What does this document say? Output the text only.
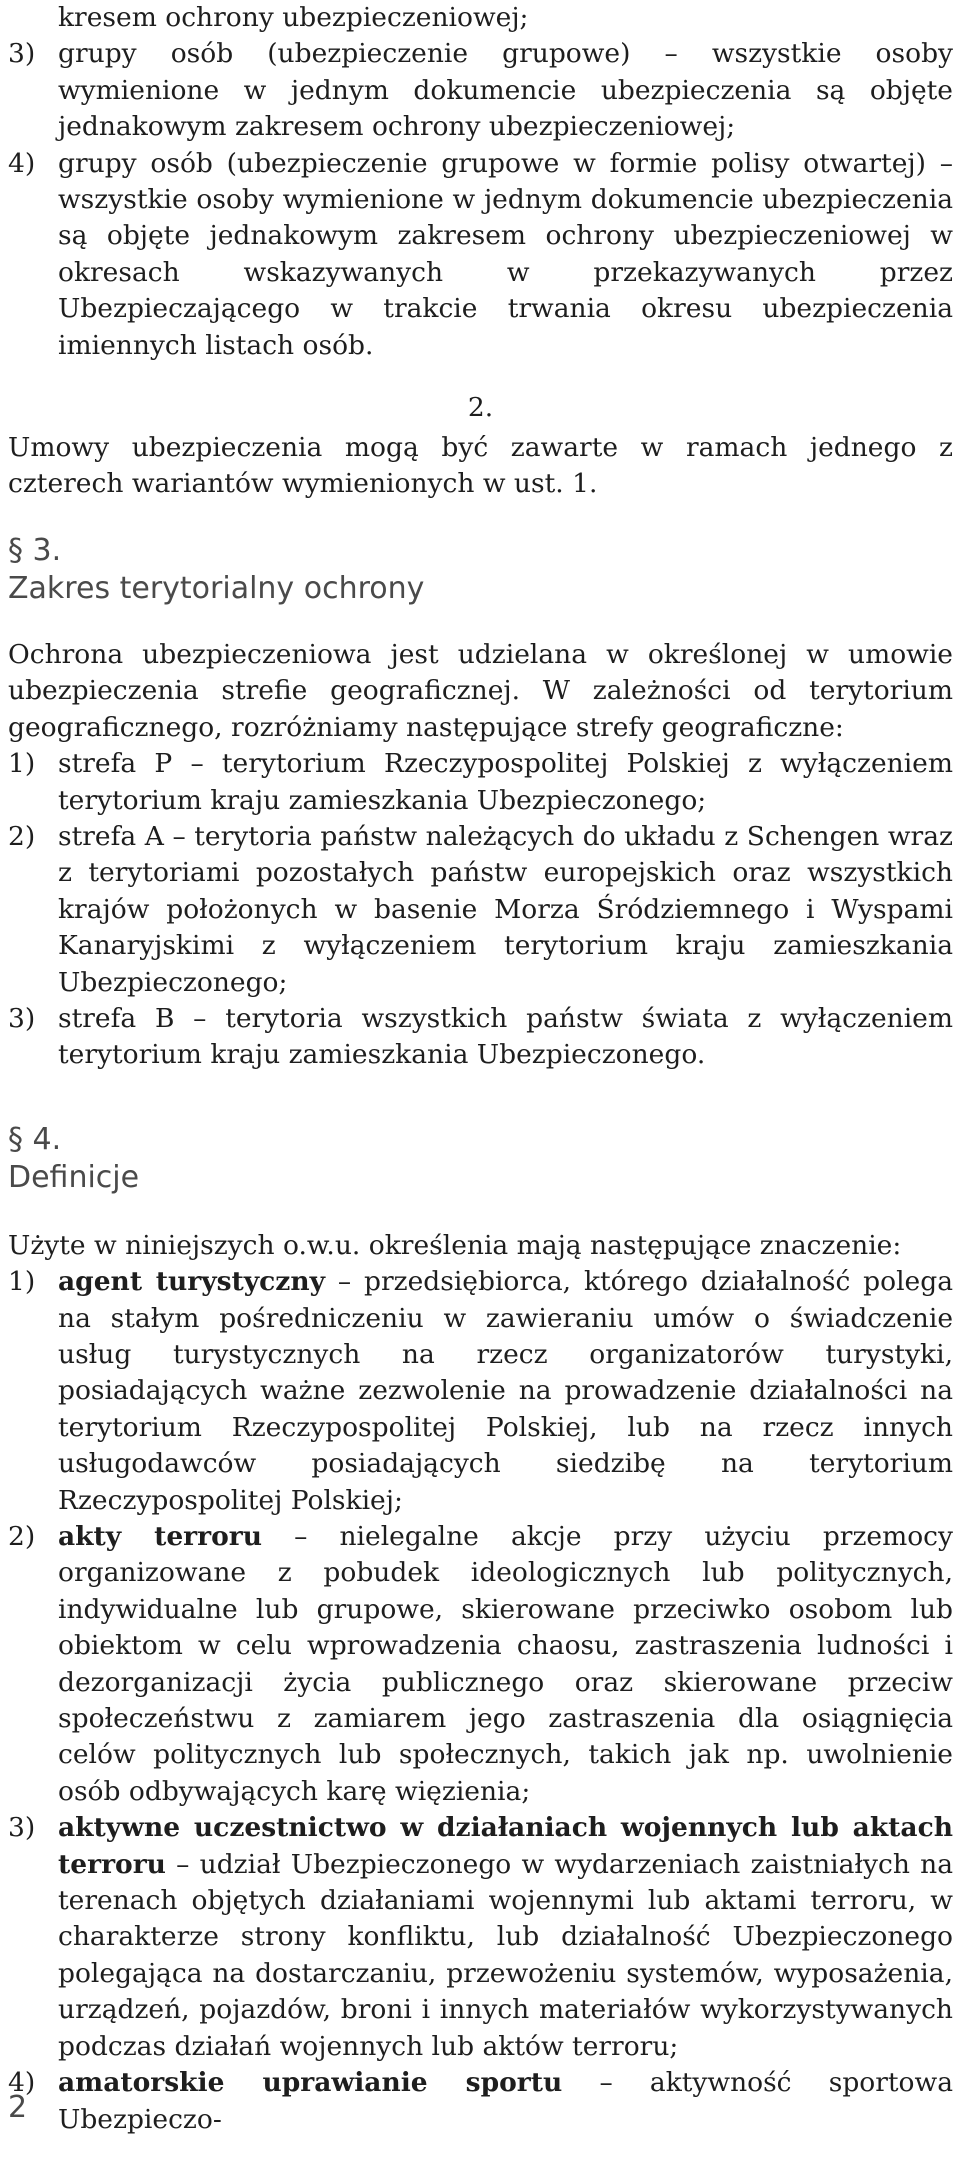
kresem ochrony ubezpieczeniowej;

3) grupy osób (ubezpieczenie grupowe) – wszystkie osoby wymienione w jednym dokumencie ubezpieczenia są objęte jednakowym zakresem ochrony ubezpieczeniowej;
4) grupy osób (ubezpieczenie grupowe w formie polisy otwartej) – wszystkie osoby wymienione w jednym dokumencie ubezpieczenia są objęte jednakowym zakresem ochrony ubezpieczeniowej w okresach wskazywanych w przekazywanych przez Ubezpieczającego w trakcie trwania okresu ubezpieczenia imiennych listach osób.
2.

Umowy ubezpieczenia mogą być zawarte w ramach jednego z czterech wariantów wymienionych w ust. 1.

§ 3.
Zakres terytorialny ochrony

Ochrona ubezpieczeniowa jest udzielana w określonej w umowie ubezpieczenia strefie geograficznej. W zależności od terytorium geograficznego, rozróżniamy następujące strefy geograficzne:

1) strefa P – terytorium Rzeczypospolitej Polskiej z wyłączeniem terytorium kraju zamieszkania Ubezpieczonego;
2) strefa A – terytoria państw należących do układu z Schengen wraz z terytoriami pozostałych państw europejskich oraz wszystkich krajów położonych w basenie Morza Śródziemnego i Wyspami Kanaryjskimi z wyłączeniem terytorium kraju zamieszkania Ubezpieczonego;
3) strefa B – terytoria wszystkich państw świata z wyłączeniem terytorium kraju zamieszkania Ubezpieczonego.
§ 4.
Definicje

Użyte w niniejszych o.w.u. określenia mają następujące znaczenie:

1) agent turystyczny – przedsiębiorca, którego działalność polega na stałym pośredniczeniu w zawieraniu umów o świadczenie usług turystycznych na rzecz organizatorów turystyki, posiadających ważne zezwolenie na prowadzenie działalności na terytorium Rzeczypospolitej Polskiej, lub na rzecz innych usługodawców posiadających siedzibę na terytorium Rzeczypospolitej Polskiej;
2) akty terroru – nielegalne akcje przy użyciu przemocy organizowane z pobudek ideologicznych lub politycznych, indywidualne lub grupowe, skierowane przeciwko osobom lub obiektom w celu wprowadzenia chaosu, zastraszenia ludności i dezorganizacji życia publicznego oraz skierowane przeciw społeczeństwu z zamiarem jego zastraszenia dla osiągnięcia celów politycznych lub społecznych, takich jak np. uwolnienie osób odbywających karę więzienia;
3) aktywne uczestnictwo w działaniach wojennych lub aktach terroru – udział Ubezpieczonego w wydarzeniach zaistniałych na terenach objętych działaniami wojennymi lub aktami terroru, w charakterze strony konfliktu, lub działalność Ubezpieczonego polegająca na dostarczaniu, przewożeniu systemów, wyposażenia, urządzeń, pojazdów, broni i innych materiałów wykorzystywanych podczas działań wojennych lub aktów terroru;
4) amatorskie uprawianie sportu – aktywność sportowa Ubezpieczo-
2
